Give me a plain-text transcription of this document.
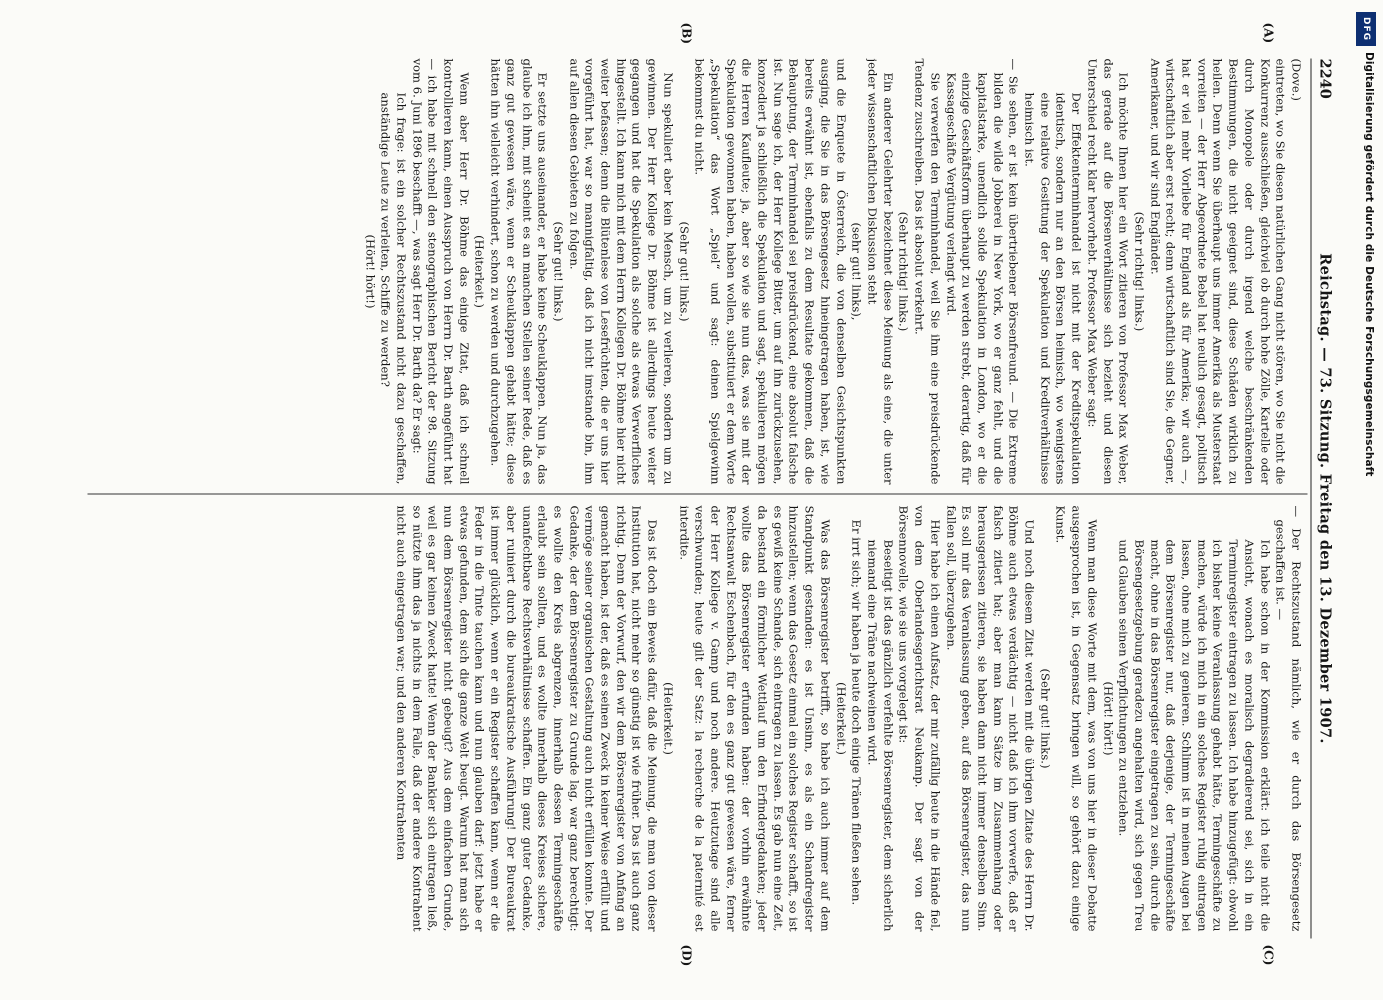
2240
Reichstag. — 73. Sitzung. Freitag den 13. Dezember 1907.
(A)
(B)
(C)
(D)

(Dove.)

eintreten, wo Sie diesen natürlichen Gang nicht stören, wo Sie nicht die Konkurrenz ausschließen, gleichviel ob durch hohe Zölle, Kartelle oder durch Monopole oder durch irgend welche beschränkenden Bestimmungen, die nicht geeignet sind, diese Schäden wirklich zu heilen. Denn wenn Sie überhaupt uns immer Amerika als Musterstaat vorreiten — der Herr Abgeordnete Bebel hat neulich gesagt, politisch hat er viel mehr Vorliebe für England als für Amerika; wir auch —, wirtschaftlich aber erst recht; denn wirtschaftlich sind Sie, die Gegner, Amerikaner, und wir sind Engländer.

(Sehr richtig! links.)

Ich möchte Ihnen hier ein Wort zitieren von Professor Max Weber, das gerade auf die Börsenverhältnisse sich bezieht und diesen Unterschied recht klar hervorhebt. Professor Max Weber sagt:

Der Effektenterminhandel ist nicht mit der Kreditspekulation identisch, sondern nur an den Börsen heimisch, wo wenigstens eine relative Gesittung der Spekulation und Kreditverhältnisse heimisch ist.

— Sie sehen, er ist kein übertriebener Börsenfreund. — Die Extreme bilden die wilde Jobberei in New York, wo er ganz fehlt, und die kapitalstarke, unendlich solide Spekulation in London, wo er die einzige Geschäftsform überhaupt zu werden strebt, derartig, daß für Kassageschäfte Vergütung verlangt wird.

Sie verwerfen den Terminhandel, weil Sie ihm eine preisdrückende Tendenz zuschreiben. Das ist absolut verkehrt.

(Sehr richtig! links.)

Ein anderer Gelehrter bezeichnet diese Meinung als eine, die unter jeder wissenschaftlichen Diskussion steht

(sehr gut! links),

und die Enquete in Österreich, die von denselben Gesichtspunkten ausging, die Sie in das Börsengesetz hineingetragen haben, ist, wie bereits erwähnt ist, ebenfalls zu dem Resultate gekommen, daß die Behauptung, der Terminhandel sei preisdrückend, eine absolut falsche ist. Nun sage ich, der Herr Kollege Bitter, um auf ihn zurückzusehen, konzediert ja schließlich die Spekulation und sagt, spekulieren mögen die Herren Kaufleute; ja, aber so wie sie nun das, was sie mit der Spekulation gewonnen haben, haben wollen, substituiert er dem Worte „Spekulation“ das Wort „Spiel“ und sagt: deinen Spielgewinn bekommst du nicht.

(Sehr gut! links.)

Nun spekuliert aber kein Mensch, um zu verlieren, sondern um zu gewinnen. Der Herr Kollege Dr. Böhme ist allerdings heute weiter gegangen und hat die Spekulation als solche als etwas Verwerfliches hingestellt. Ich kann mich mit dem Herrn Kollegen Dr. Böhme hier nicht weiter befassen; denn die Blütenlese von Lesefrüchten, die er uns hier vorgeführt hat, war so mannigfaltig, daß ich nicht imstande bin, ihm auf allen diesen Gebieten zu folgen.

(Sehr gut! links.)

Er setzte uns auseinander, er habe keine Scheuklappen. Nun ja, das glaube ich ihm, mit scheint es an manchen Stellen seiner Rede, daß es ganz gut gewesen wäre, wenn er Scheuklappen gehabt hätte; diese hätten ihn vielleicht verhindert, schon zu werden und durchzugehen.

(Heiterkeit.)

Wenn aber Herr Dr. Böhme das einige Zitat, daß ich schnell kontrollieren kann, einen Ausspruch von Herrn Dr. Barth angeführt hat — ich habe mit schnell den stenographischen Bericht der 98. Sitzung vom 6. Juni 1896 beschafft —, was sagt Herr Dr. Barth da? Er sagt:

Ich frage: ist ein solcher Rechtszustand nicht dazu geschaffen, anständige Leute zu verleiten, Schiffe zu werden?

(Hört! hört!)

— Der Rechtszustand nämlich, wie er durch das Börsengesetz geschaffen ist. —

Ich habe schon in der Kommission erklärt: ich teile nicht die Ansicht, wonach es moralisch degradierend sei, sich in ein Terminregister eintragen zu lassen. Ich habe hinzugefügt: obwohl ich bisher keine Veranlassung gehabt hätte, Termingeschäfte zu machen, würde ich mich in ein solches Register ruhig eintragen lassen, ohne mich zu genieren. Schlimm ist in meinen Augen bei dem Börsenregister nur, daß derjenige, der Termingeschäfte macht, ohne in das Börsenregister eingetragen zu sein, durch die Börsengesetzgebung geradezu angehalten wird, sich gegen Treu und Glauben seinen Verpflichtungen zu entziehen.

(Hört! hört!)

Wenn man diese Worte mit dem, was von uns hier in dieser Debatte ausgesprochen ist, in Gegensatz bringen will, so gehört dazu einige Kunst.

(Sehr gut! links.)

Und noch diesem Zitat werden mit die übrigen Zitate des Herrn Dr. Böhme auch etwas verdächtig — nicht daß ich ihm vorwerfe, daß er falsch zitiert hat; aber man kann Sätze im Zusammenhang oder herausgerissen zitieren, sie haben dann nicht immer denselben Sinn. Es soll mir das Veranlassung geben, auf das Börsenregister, das nun fallen soll, überzugehen.

Hier habe ich einen Aufsatz, der mir zufällig heute in die Hände fiel, von dem Oberlandesgerichtsrat Neukamp. Der sagt von der Börsennovelle, wie sie uns vorgelegt ist:

Beseitigt ist das gänzlich verfehlte Börsenregister, dem sicherlich niemand eine Träne nachweinen wird.

Er irrt sich; wir haben ja heute doch einige Tränen fließen sehen.

(Heiterkeit.)

Was das Börsenregister betrifft, so habe ich auch immer auf dem Standpunkt gestanden: es ist Unsinn, es als ein Schandregister hinzustellen; wenn das Gesetz einmal ein solches Register schafft, so ist es gewiß keine Schande, sich eintragen zu lassen. Es gab nun eine Zeit, da bestand ein förmlicher Wettlauf um den Erfindergedanken; jeder wollte das Börsenregister erfunden haben: der vorhin erwähnte Rechtsanwalt Eschenbach, für den es ganz gut gewesen wäre, ferner der Herr Kollege v. Gamp und noch andere. Heutzutage sind alle verschwunden; heute gilt der Satz: la recherche de la paternité est interdite.

(Heiterkeit.)

Das ist doch ein Beweis dafür, daß die Meinung, die man von dieser Institution hat, nicht mehr so günstig ist wie früher. Das ist auch ganz richtig. Denn der Vorwurf, den wir dem Börsenregister von Anfang an gemacht haben, ist der, daß es seinen Zweck in keiner Weise erfüllt und vermöge seiner organischen Gestaltung auch nicht erfüllen konnte. Der Gedanke, der dem Börsenregister zu Grunde lag, war ganz berechtigt: es wollte den Kreis abgrenzen, innerhalb dessen Termingeschäfte erlaubt sein sollten, und es wollte innerhalb dieses Kreises sichere, unanfechtbare Rechtsverhältnisse schaffen. Ein ganz guter Gedanke, aber ruiniert durch die bureaukratische Ausführung! Der Bureaukrat ist immer glücklich, wenn er ein Register schaffen kann, wenn er die Feder in die Tinte tauchen kann und nun glauben darf: jetzt habe er etwas gefunden, dem sich die ganze Welt beugt. Warum hat man sich nun dem Börsenregister nicht gebeugt? Aus dem einfachen Grunde, weil es gar keinen Zweck hatte! Wenn der Bankier sich eintragen ließ, so nützte ihm das ja nichts in dem Falle, daß der andere Kontrahent nicht auch eingetragen war; und den anderen Kontrahenten

DFG
Digitalisierung gefördert durch die Deutsche Forschungsgemeinschaft
